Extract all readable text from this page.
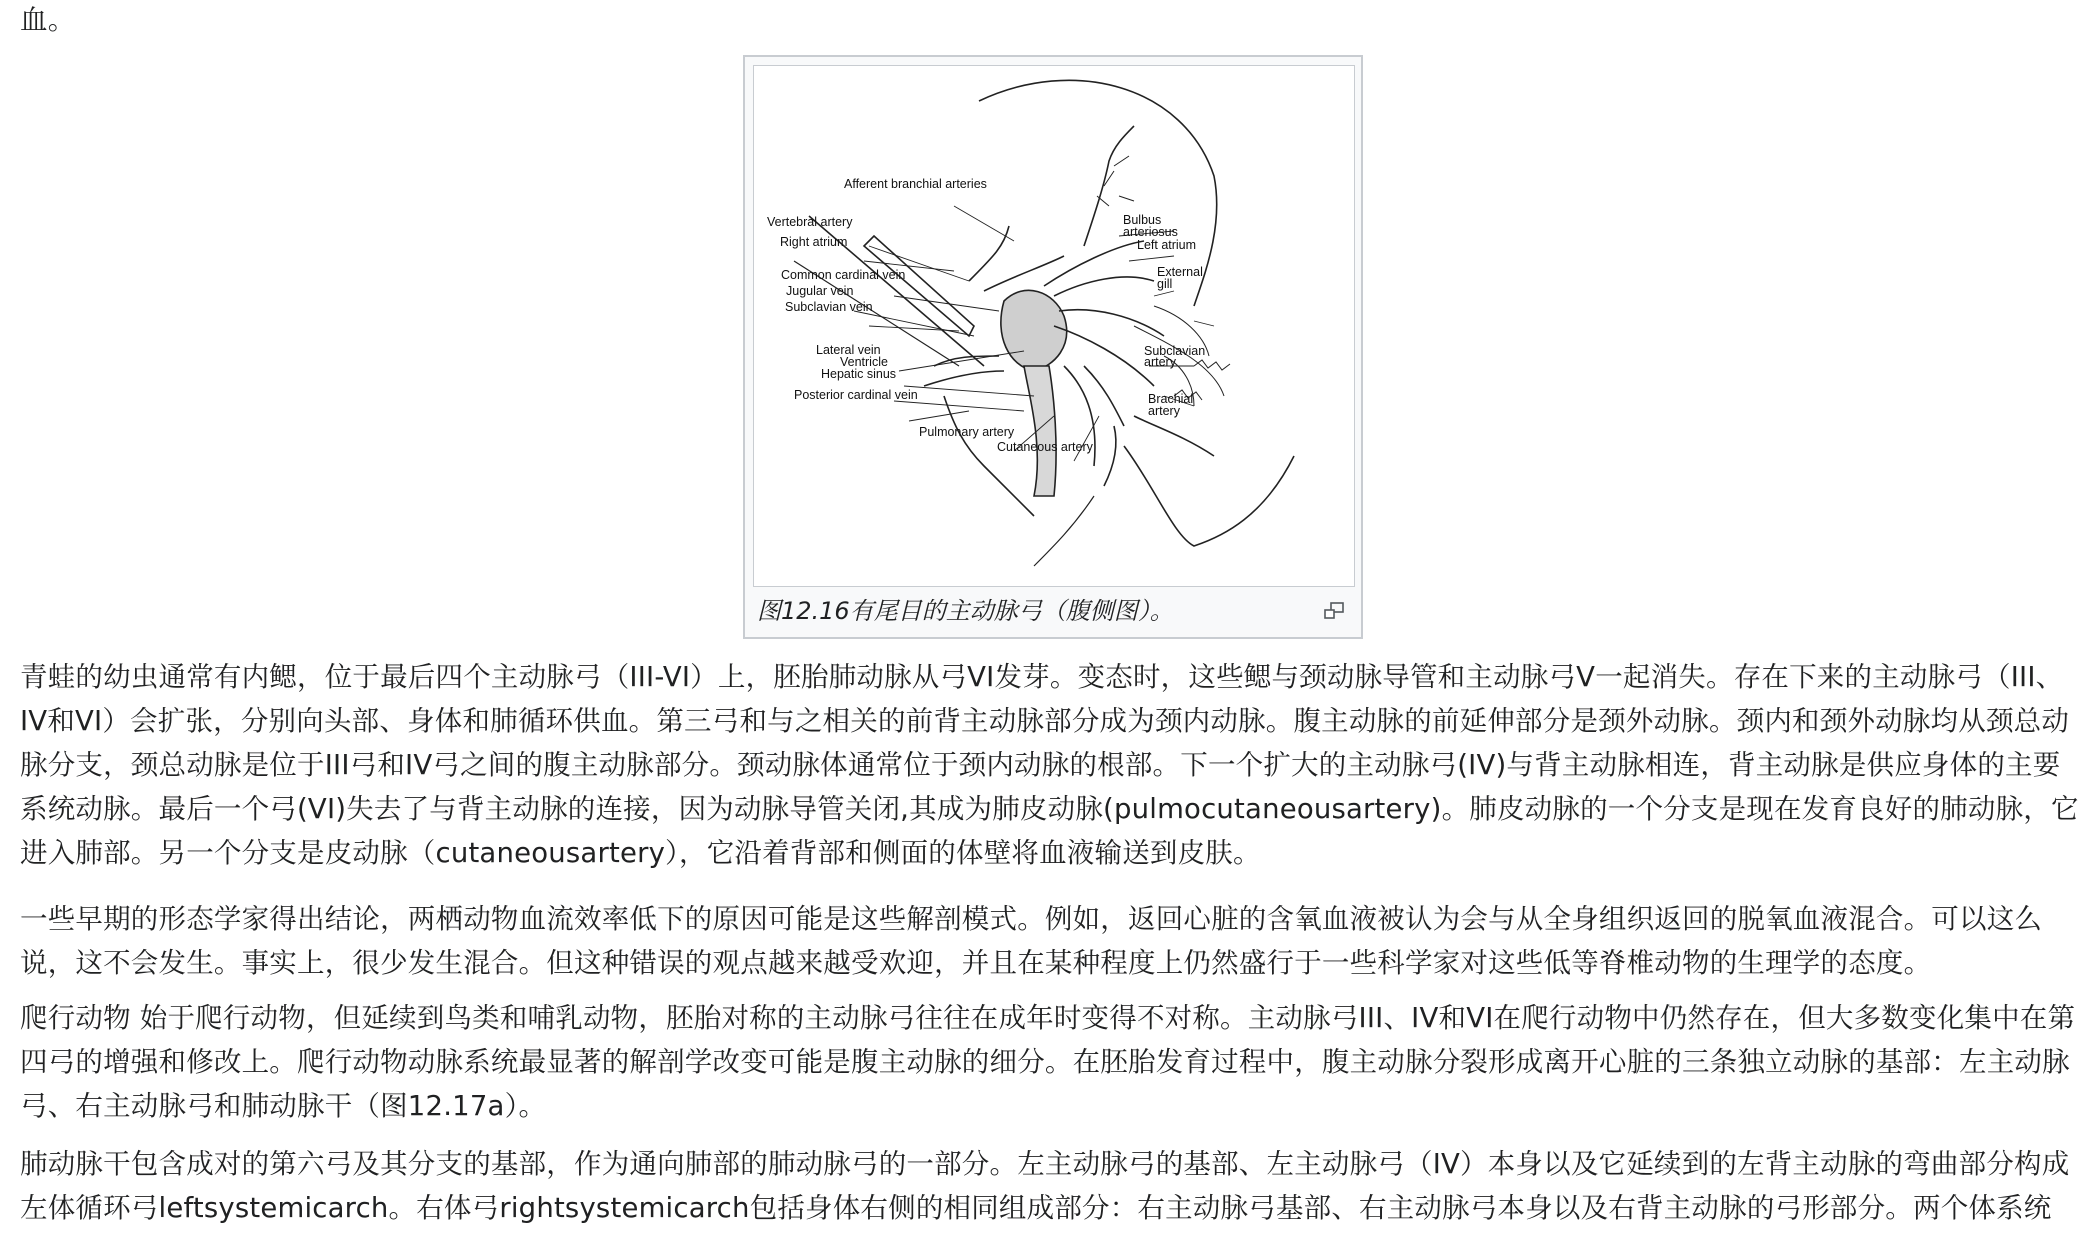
血。

Afferent branchial arteries
Vertebral artery
Right atrium
Common cardinal vein
Jugular vein
Subclavian vein
Lateral vein
Ventricle
Hepatic sinus
Posterior cardinal vein
Pulmonary artery
Cutaneous artery
Bulbus
arteriosus
Left atrium
External
gill
Subclavian
artery
Brachial
artery
图12.16有尾目的主动脉弓（腹侧图）。

青蛙的幼虫通常有内鳃，位于最后四个主动脉弓（III-VI）上，胚胎肺动脉从弓VI发芽。变态时，这些鳃与颈动脉导管和主动脉弓V一起消失。存在下来的主动脉弓（III、IV和VI）会扩张，分别向头部、身体和肺循环供血。第三弓和与之相关的前背主动脉部分成为颈内动脉。腹主动脉的前延伸部分是颈外动脉。颈内和颈外动脉均从颈总动脉分支，颈总动脉是位于III弓和IV弓之间的腹主动脉部分。颈动脉体通常位于颈内动脉的根部。下一个扩大的主动脉弓(IV)与背主动脉相连，背主动脉是供应身体的主要系统动脉。最后一个弓(VI)失去了与背主动脉的连接，因为动脉导管关闭,其成为肺皮动脉(pulmocutaneousartery)。肺皮动脉的一个分支是现在发育良好的肺动脉，它进入肺部。另一个分支是皮动脉（cutaneousartery），它沿着背部和侧面的体壁将血液输送到皮肤。

一些早期的形态学家得出结论，两栖动物血流效率低下的原因可能是这些解剖模式。例如，返回心脏的含氧血液被认为会与从全身组织返回的脱氧血液混合。可以这么说，这不会发生。事实上，很少发生混合。但这种错误的观点越来越受欢迎，并且在某种程度上仍然盛行于一些科学家对这些低等脊椎动物的生理学的态度。

爬行动物 始于爬行动物，但延续到鸟类和哺乳动物，胚胎对称的主动脉弓往往在成年时变得不对称。主动脉弓III、IV和VI在爬行动物中仍然存在，但大多数变化集中在第四弓的增强和修改上。爬行动物动脉系统最显著的解剖学改变可能是腹主动脉的细分。在胚胎发育过程中，腹主动脉分裂形成离开心脏的三条独立动脉的基部：左主动脉弓、右主动脉弓和肺动脉干（图12.17a）。

肺动脉干包含成对的第六弓及其分支的基部，作为通向肺部的肺动脉弓的一部分。左主动脉弓的基部、左主动脉弓（IV）本身以及它延续到的左背主动脉的弯曲部分构成左体循环弓leftsystemicarch。右体弓rightsystemicarch包括身体右侧的相同组成部分：右主动脉弓基部、右主动脉弓本身以及右背主动脉的弓形部分。两个体系统
